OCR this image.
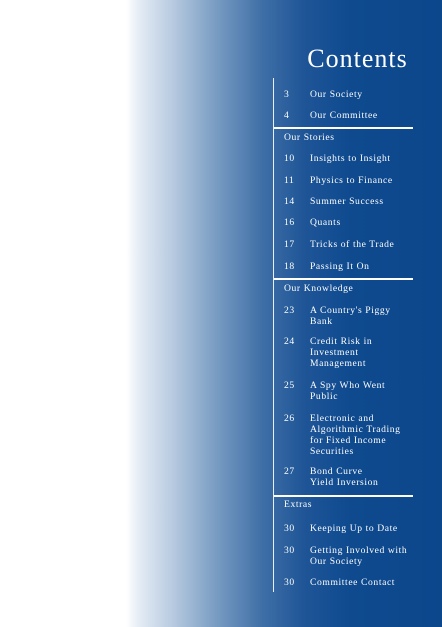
Contents
3 Our Society
4 Our Committee
Our Stories
10 Insights to Insight
11 Physics to Finance
14 Summer Success
16 Quants
17 Tricks of the Trade
18 Passing It On
Our Knowledge
23 A Country's Piggy Bank
24 Credit Risk in Investment Management
25 A Spy Who Went Public
26 Electronic and Algorithmic Trading for Fixed Income Securities
27 Bond Curve Yield Inversion
Extras
30 Keeping Up to Date
30 Getting Involved with Our Society
30 Committee Contact
